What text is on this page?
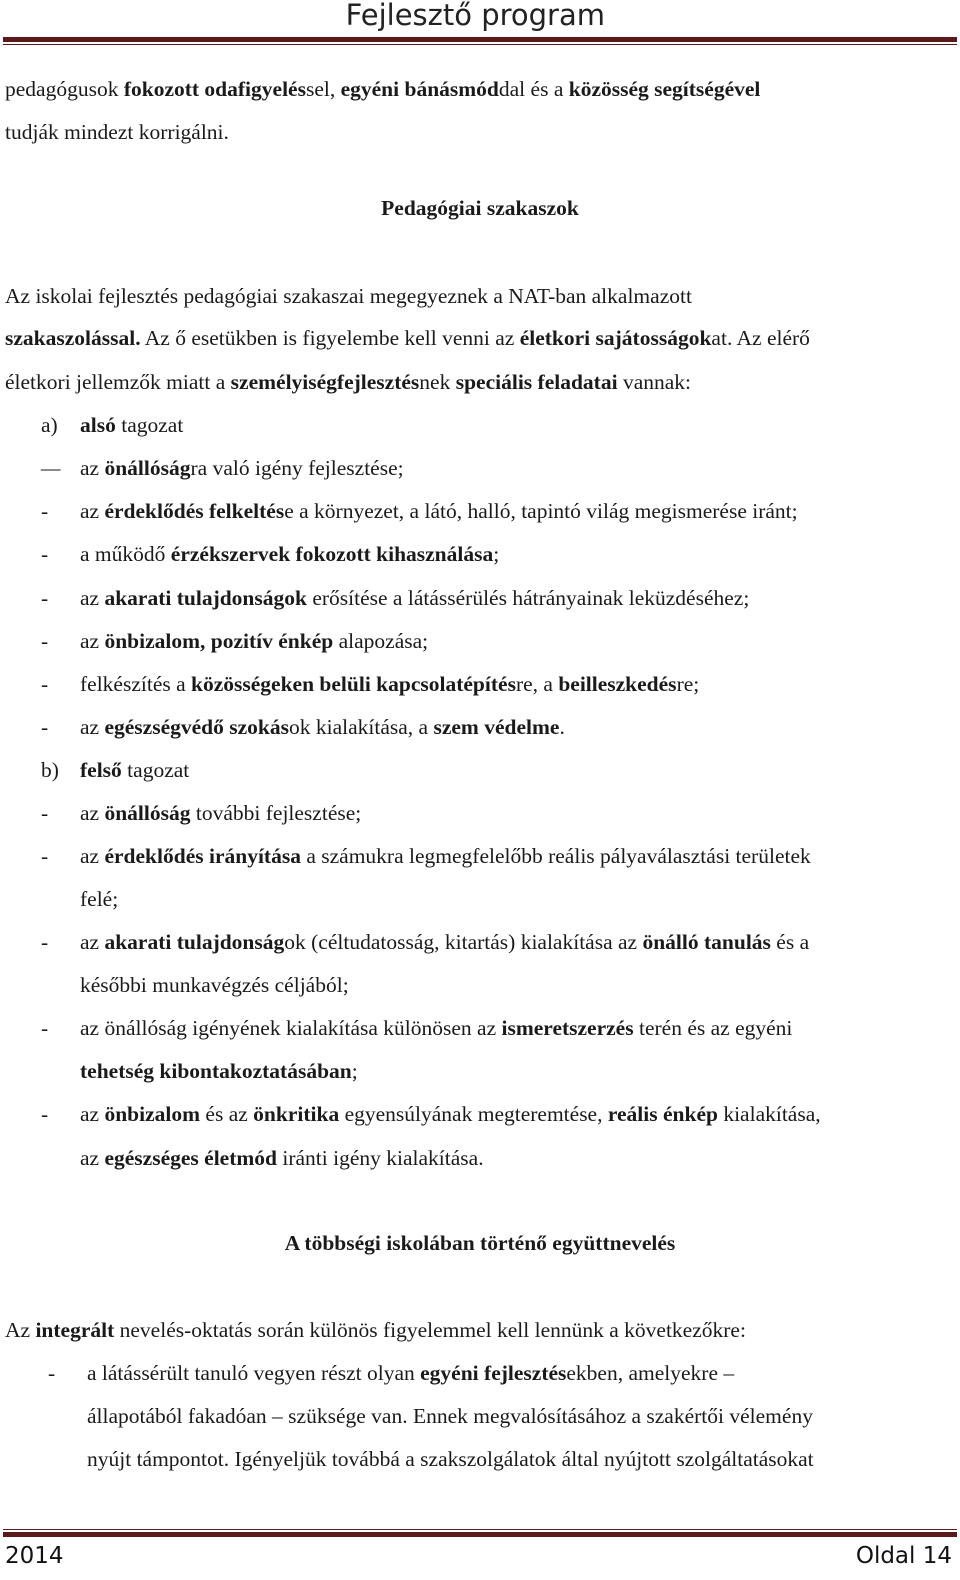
Fejlesztő program
pedagógusok fokozott odafigyeléssel, egyéni bánásmóddal és a közösség segítségével
tudják mindezt korrigálni.
Pedagógiai szakaszok
Az iskolai fejlesztés pedagógiai szakaszai megegyeznek a NAT-ban alkalmazott
szakaszolással. Az ő esetükben is figyelembe kell venni az életkori sajátosságokat. Az elérő
életkori jellemzők miatt a személyiségfejlesztésnek speciális feladatai vannak:
a) alsó tagozat
– az önállóságra való igény fejlesztése;
- az érdeklődés felkeltése a környezet, a látó, halló, tapintó világ megismerése iránt;
- a működő érzékszervek fokozott kihasználása;
- az akarati tulajdonságok erősítése a látássérülés hátrányainak leküzdéséhez;
- az önbizalom, pozitív énkép alapozása;
- felkészítés a közösségeken belüli kapcsolatépítésre, a beilleszkedésre;
- az egészségvédő szokások kialakítása, a szem védelme.
b) felső tagozat
- az önállóság további fejlesztése;
- az érdeklődés irányítása a számukra legmegfelelőbb reális pályaválasztási területek
felé;
- az akarati tulajdonságok (céltudatosság, kitartás) kialakítása az önálló tanulás és a
későbbi munkavégzés céljából;
- az önállóság igényének kialakítása különösen az ismeretszerzés terén és az egyéni
tehetség kibontakoztatásában;
- az önbizalom és az önkritika egyensúlyának megteremtése, reális énkép kialakítása,
az egészséges életmód iránti igény kialakítása.
A többségi iskolában történő együttnevelés
Az integrált nevelés-oktatás során különös figyelemmel kell lennünk a következőkre:
- a látássérült tanuló vegyen részt olyan egyéni fejlesztésekben, amelyekre –
állapotából fakadóan – szüksége van. Ennek megvalósításához a szakértői vélemény
nyújt támpontot. Igényeljük továbbá a szakszolgálatok által nyújtott szolgáltatásokat
2014	Oldal 14
